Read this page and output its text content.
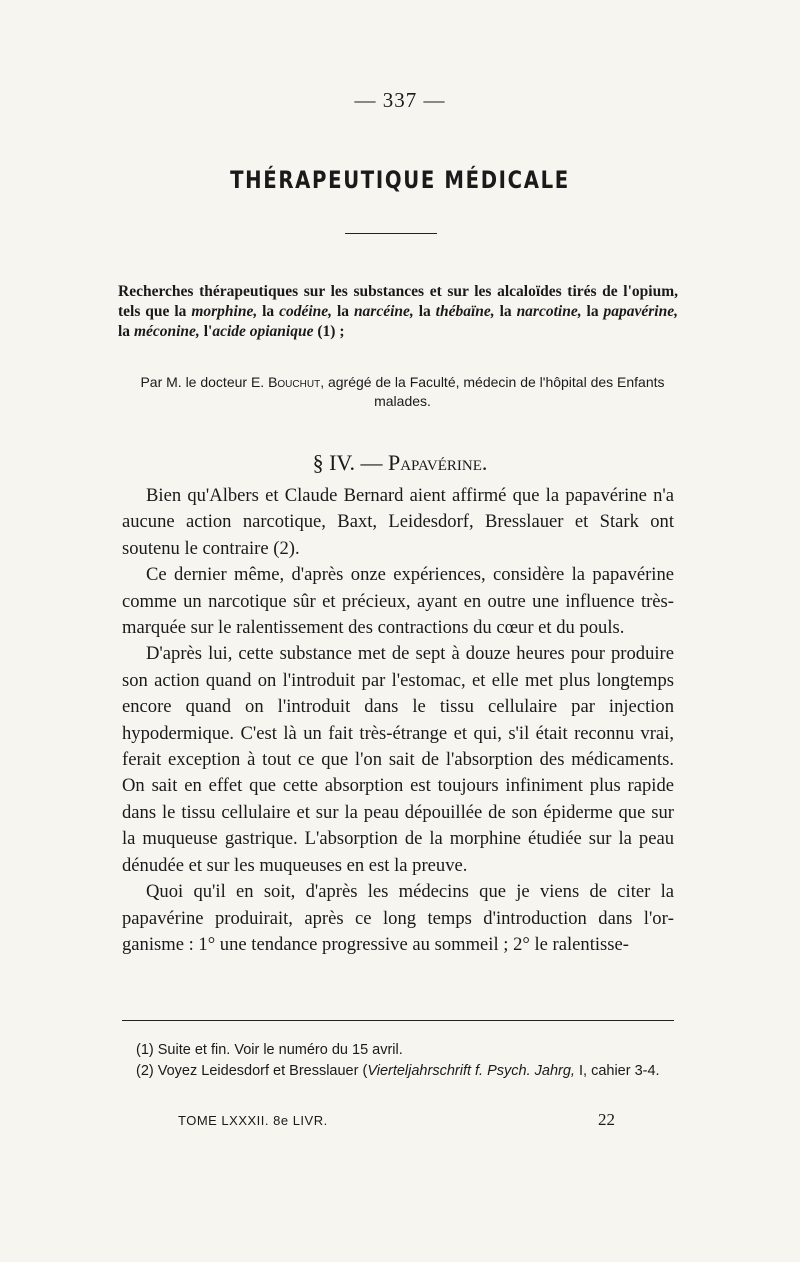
— 337 —
THÉRAPEUTIQUE MÉDICALE
Recherches thérapeutiques sur les substances et sur les alcaloïdes tirés de l'opium, tels que la morphine, la codéine, la narcéine, la thébaïne, la narcotine, la papavérine, la méconine, l'acide opianique (1) ;
Par M. le docteur E. Bouchut, agrégé de la Faculté, médecin de l'hôpital des Enfants malades.
§ IV. — Papavérine.

Bien qu'Albers et Claude Bernard aient affirmé que la papavérine n'a aucune action narcotique, Baxt, Leidesdorf, Bresslauer et Stark ont soutenu le contraire (2).

Ce dernier même, d'après onze expériences, considère la papavérine comme un narcotique sûr et précieux, ayant en outre une influence très-marquée sur le ralentissement des contractions du cœur et du pouls.

D'après lui, cette substance met de sept à douze heures pour produire son action quand on l'introduit par l'estomac, et elle met plus longtemps encore quand on l'introduit dans le tissu cellulaire par injection hypodermique. C'est là un fait très-étrange et qui, s'il était reconnu vrai, ferait exception à tout ce que l'on sait de l'absorption des médicaments. On sait en effet que cette absorption est toujours infiniment plus rapide dans le tissu cellulaire et sur la peau dépouillée de son épiderme que sur la muqueuse gastrique. L'absorption de la morphine étudiée sur la peau dénudée et sur les muqueuses en est la preuve.

Quoi qu'il en soit, d'après les médecins que je viens de citer la papavérine produirait, après ce long temps d'introduction dans l'organisme : 1° une tendance progressive au sommeil ; 2° le ralentisse-

(1) Suite et fin. Voir le numéro du 15 avril.

(2) Voyez Leidesdorf et Bresslauer (Vierteljahrschrift f. Psych. Jahrg, I, cahier 3-4.

TOME LXXXII. 8e LIVR.	22
